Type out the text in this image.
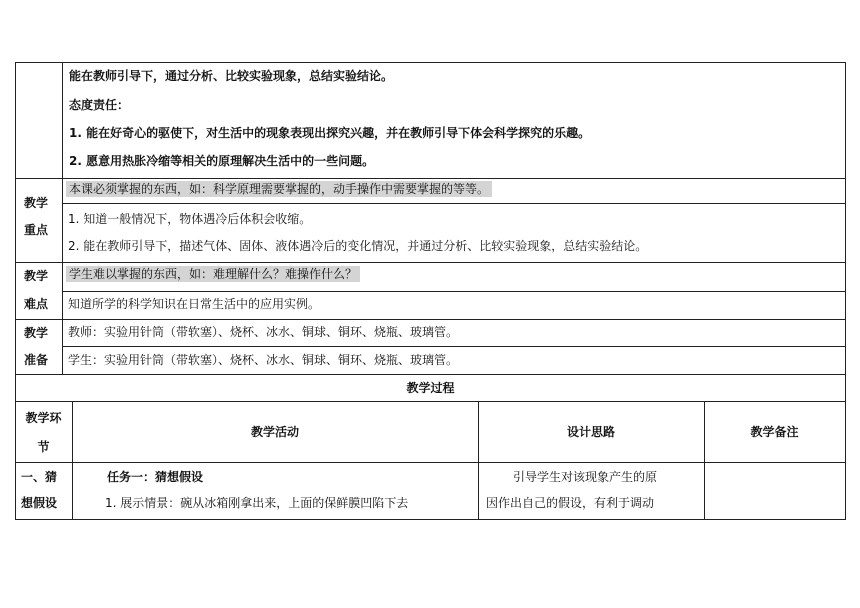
能在教师引导下，通过分析、比较实验现象，总结实验结论。
态度责任：
1. 能在好奇心的驱使下，对生活中的现象表现出探究兴趣，并在教师引导下体会科学探究的乐趣。
2. 愿意用热胀冷缩等相关的原理解决生活中的一些问题。
教学
重点
本课必须掌握的东西，如：科学原理需要掌握的，动手操作中需要掌握的等等。
1. 知道一般情况下，物体遇冷后体积会收缩。
2. 能在教师引导下，描述气体、固体、液体遇冷后的变化情况，并通过分析、比较实验现象，总结实验结论。
教学
难点
学生难以掌握的东西，如：难理解什么？难操作什么？
知道所学的科学知识在日常生活中的应用实例。
教学
准备
教师：实验用针筒（带软塞）、烧杯、冰水、铜球、铜环、烧瓶、玻璃管。
学生：实验用针筒（带软塞）、烧杯、冰水、铜球、铜环、烧瓶、玻璃管。
教学过程
教学环
节
教学活动	设计思路	教学备注
一、猜
想假设
任务一：猜想假设
1. 展示情景：碗从冰箱刚拿出来，上面的保鲜膜凹陷下去
引导学生对该现象产生的原
因作出自己的假设，有利于调动
